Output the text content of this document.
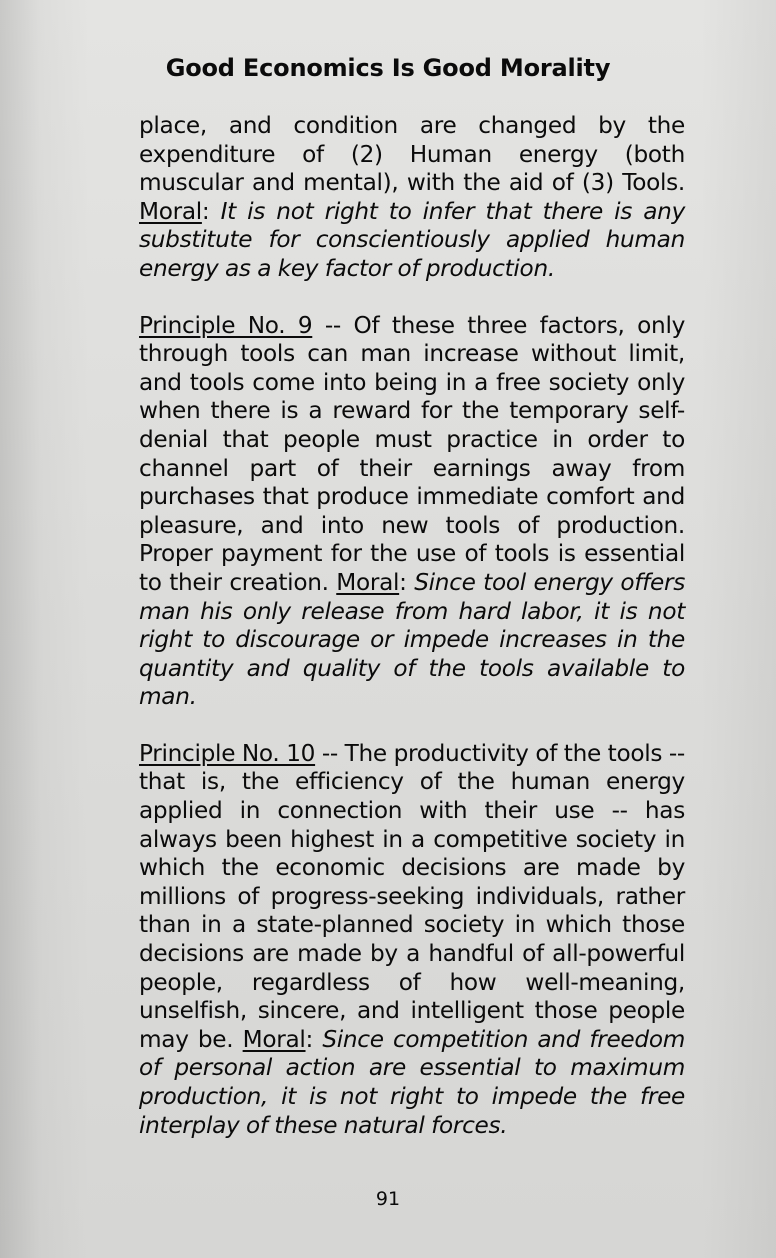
Good Economics Is Good Morality

place, and condition are changed by the expenditure of (2) Human energy (both muscular and mental), with the aid of (3) Tools. Moral: It is not right to infer that there is any substitute for conscientiously applied human energy as a key factor of production.

Principle No. 9 -- Of these three factors, only through tools can man increase without limit, and tools come into being in a free society only when there is a reward for the temporary self-denial that people must practice in order to channel part of their earnings away from purchases that produce immediate comfort and pleasure, and into new tools of production. Proper payment for the use of tools is essential to their creation. Moral: Since tool energy offers man his only release from hard labor, it is not right to discourage or impede increases in the quantity and quality of the tools available to man.

Principle No. 10 -- The productivity of the tools -- that is, the efficiency of the human energy applied in connection with their use -- has always been highest in a competitive society in which the economic decisions are made by millions of progress-seeking individuals, rather than in a state-planned society in which those decisions are made by a handful of all-powerful people, regardless of how well-meaning, unselfish, sincere, and intelligent those people may be. Moral: Since competition and freedom of personal action are essential to maximum production, it is not right to impede the free interplay of these natural forces.

91
